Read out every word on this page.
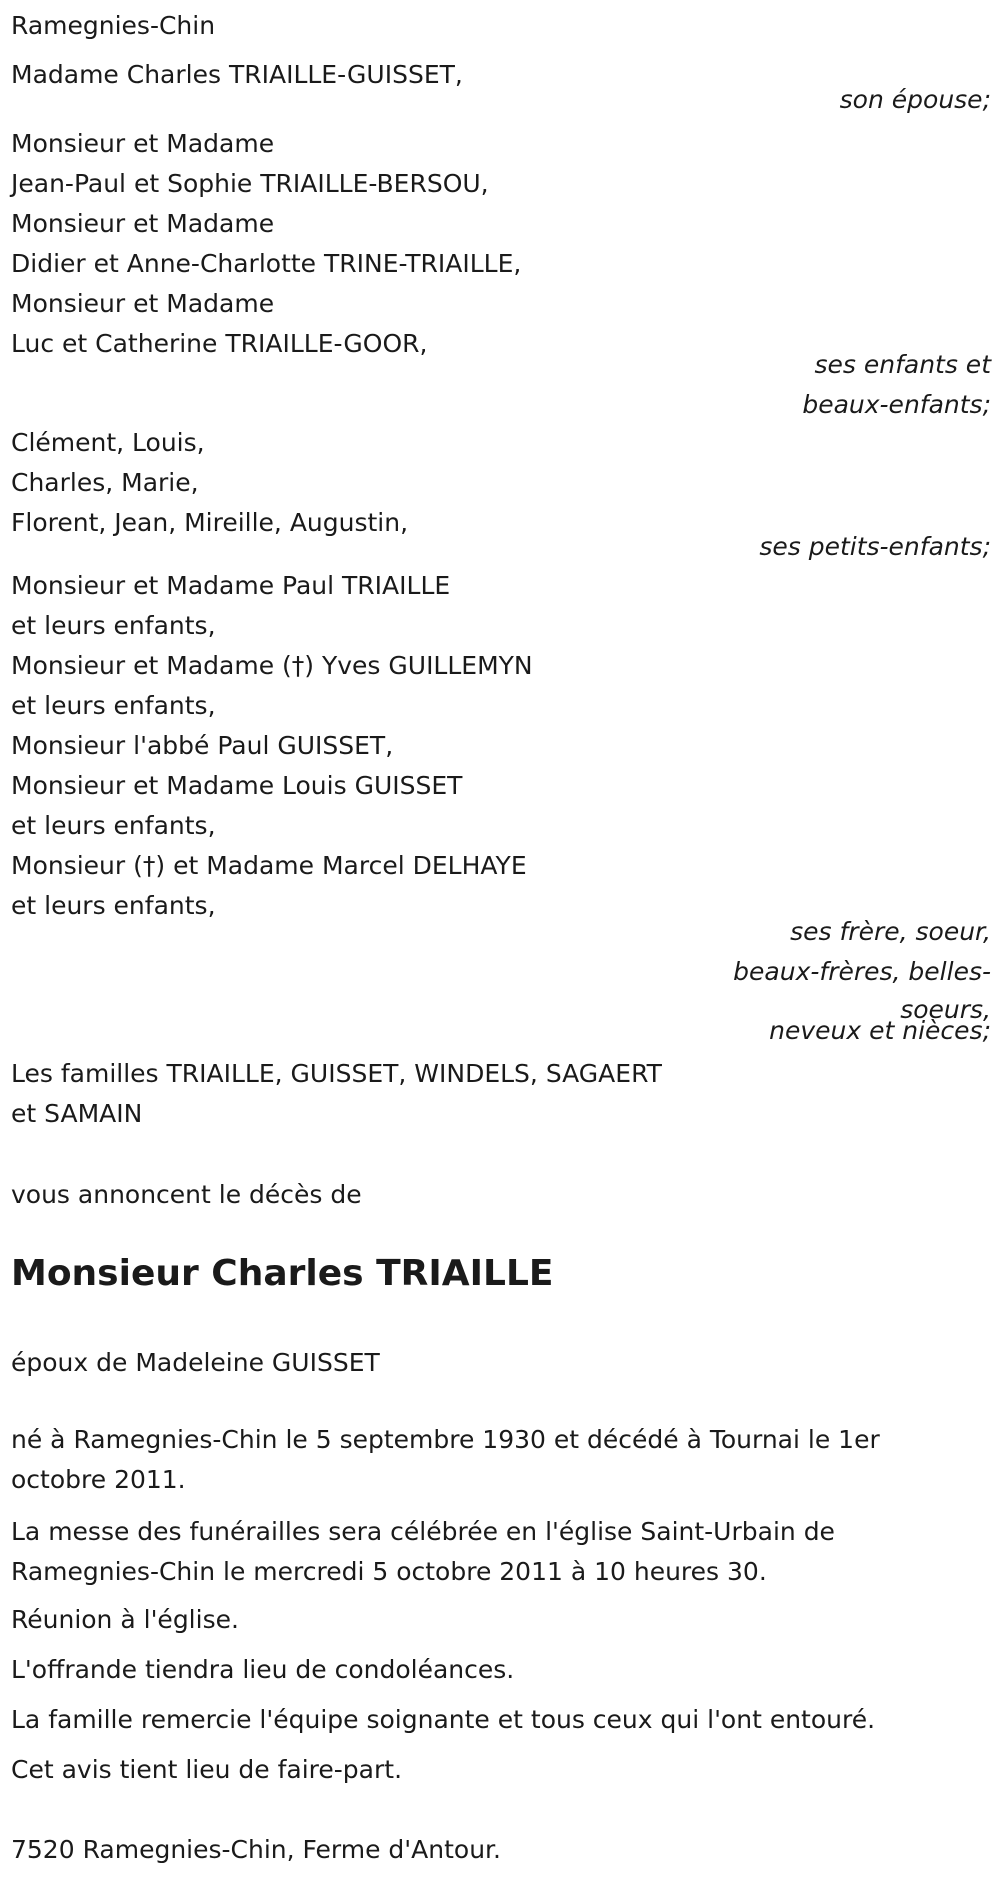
Ramegnies-Chin
Madame Charles TRIAILLE-GUISSET,
son épouse;
Monsieur et Madame
Jean-Paul et Sophie TRIAILLE-BERSOU,
Monsieur et Madame
Didier et Anne-Charlotte TRINE-TRIAILLE,
Monsieur et Madame
Luc et Catherine TRIAILLE-GOOR,
ses enfants et
beaux-enfants;
Clément, Louis,
Charles, Marie,
Florent, Jean, Mireille, Augustin,
ses petits-enfants;
Monsieur et Madame Paul TRIAILLE
et leurs enfants,
Monsieur et Madame (†) Yves GUILLEMYN
et leurs enfants,
Monsieur l'abbé Paul GUISSET,
Monsieur et Madame Louis GUISSET
et leurs enfants,
Monsieur (†) et Madame Marcel DELHAYE
et leurs enfants,
ses frère, soeur,
beaux-frères, belles-
soeurs,
neveux et nièces;
Les familles TRIAILLE, GUISSET, WINDELS, SAGAERT
et SAMAIN
vous annoncent le décès de
Monsieur Charles TRIAILLE
époux de Madeleine GUISSET
né à Ramegnies-Chin le 5 septembre 1930 et décédé à Tournai le 1er octobre 2011.
La messe des funérailles sera célébrée en l'église Saint-Urbain de Ramegnies-Chin le mercredi 5 octobre 2011 à 10 heures 30.
Réunion à l'église.
L'offrande tiendra lieu de condoléances.
La famille remercie l'équipe soignante et tous ceux qui l'ont entouré.
Cet avis tient lieu de faire-part.
7520 Ramegnies-Chin, Ferme d'Antour.
